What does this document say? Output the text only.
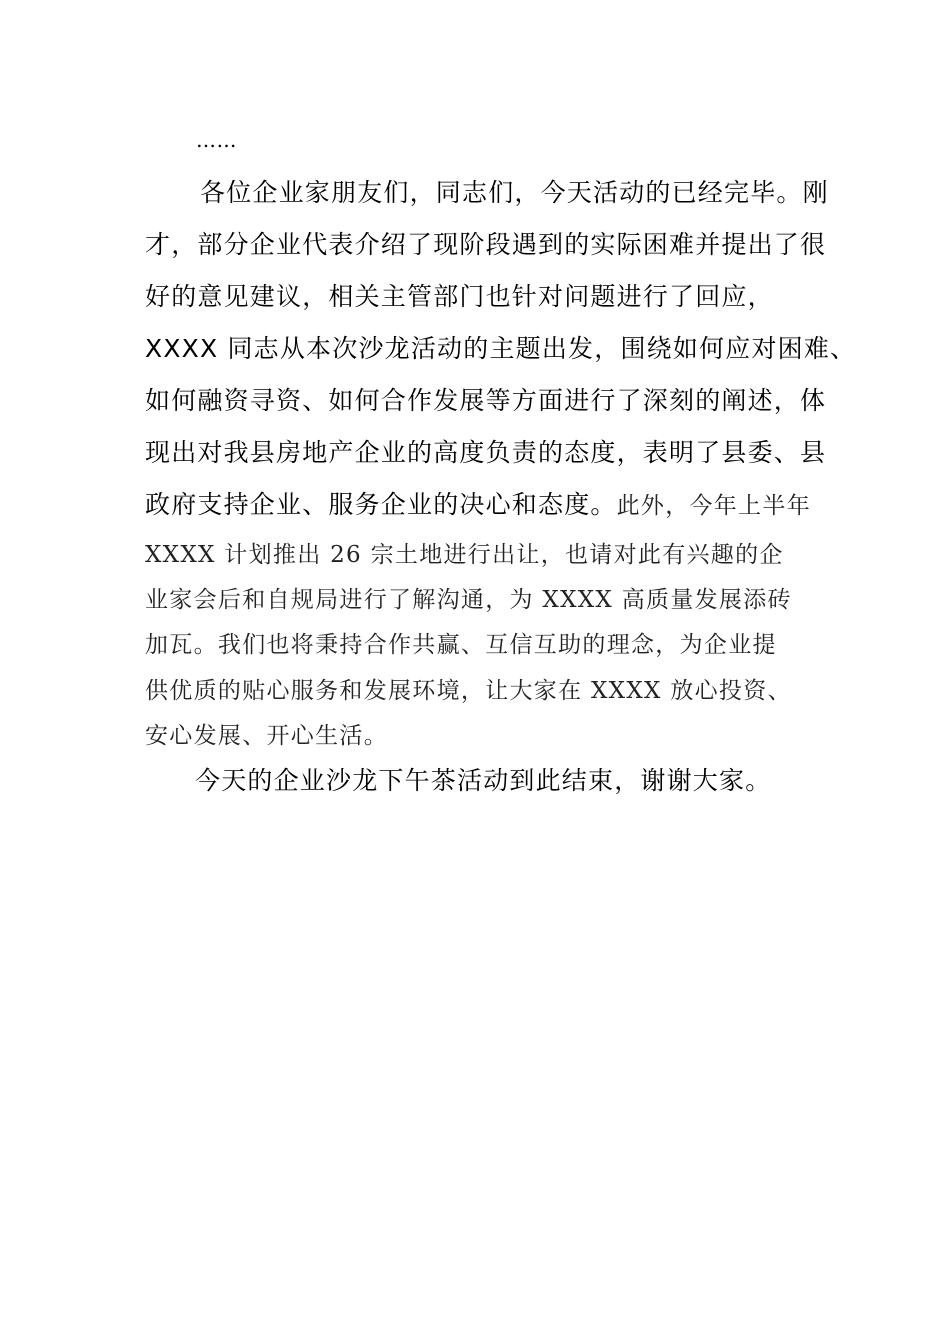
……
各位企业家朋友们，同志们，今天活动的已经完毕。刚
才，部分企业代表介绍了现阶段遇到的实际困难并提出了很
好的意见建议，相关主管部门也针对问题进行了回应，
XXXX 同志从本次沙龙活动的主题出发，围绕如何应对困难、
如何融资寻资、如何合作发展等方面进行了深刻的阐述，体
现出对我县房地产企业的高度负责的态度，表明了县委、县
政府支持企业、服务企业的决心和态度。此外，今年上半年
XXXX 计划推出 26 宗土地进行出让，也请对此有兴趣的企
业家会后和自规局进行了解沟通，为 XXXX 高质量发展添砖
加瓦。我们也将秉持合作共赢、互信互助的理念，为企业提
供优质的贴心服务和发展环境，让大家在 XXXX 放心投资、
安心发展、开心生活。
今天的企业沙龙下午茶活动到此结束，谢谢大家。
